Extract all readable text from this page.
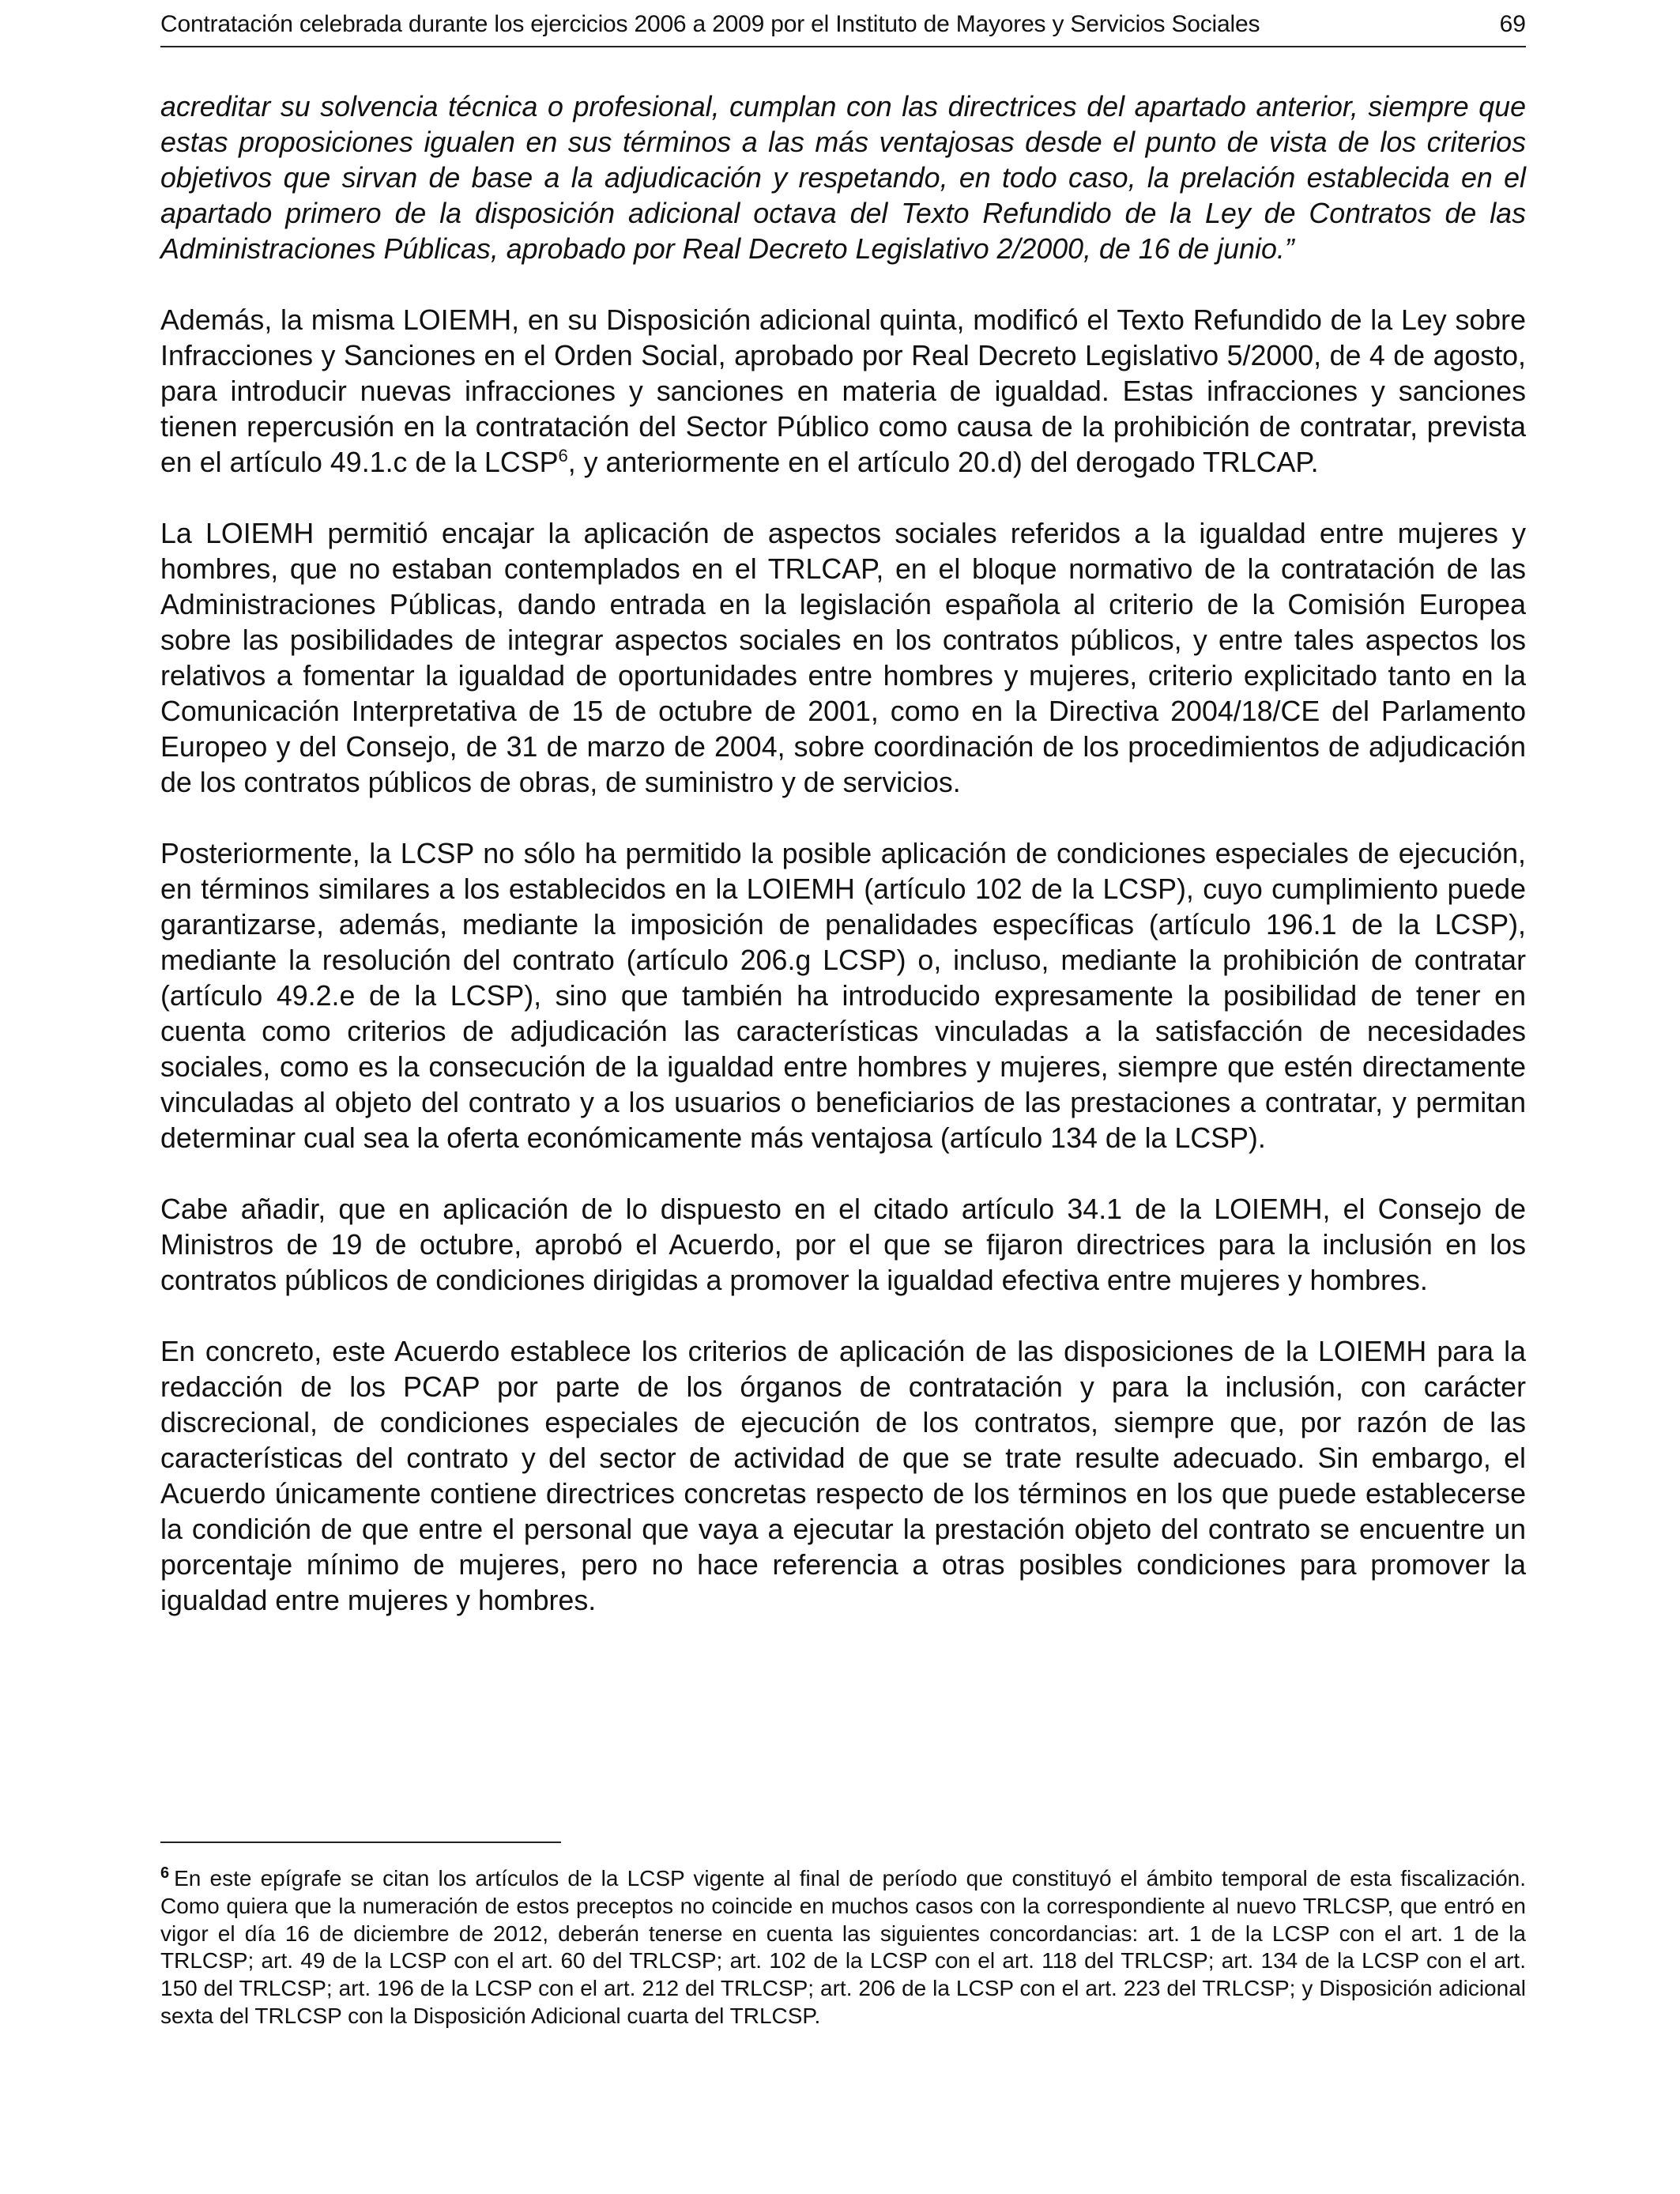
Contratación celebrada durante los ejercicios 2006 a 2009 por el Instituto de Mayores y Servicios Sociales	69

acreditar su solvencia técnica o profesional, cumplan con las directrices del apartado anterior, siempre que estas proposiciones igualen en sus términos a las más ventajosas desde el punto de vista de los criterios objetivos que sirvan de base a la adjudicación y respetando, en todo caso, la prelación establecida en el apartado primero de la disposición adicional octava del Texto Refundido de la Ley de Contratos de las Administraciones Públicas, aprobado por Real Decreto Legislativo 2/2000, de 16 de junio.”

Además, la misma LOIEMH, en su Disposición adicional quinta, modificó el Texto Refundido de la Ley sobre Infracciones y Sanciones en el Orden Social, aprobado por Real Decreto Legislativo 5/2000, de 4 de agosto, para introducir nuevas infracciones y sanciones en materia de igualdad. Estas infracciones y sanciones tienen repercusión en la contratación del Sector Público como causa de la prohibición de contratar, prevista en el artículo 49.1.c de la LCSP$^6$, y anteriormente en el artículo 20.d) del derogado TRLCAP.

La LOIEMH permitió encajar la aplicación de aspectos sociales referidos a la igualdad entre mujeres y hombres, que no estaban contemplados en el TRLCAP, en el bloque normativo de la contratación de las Administraciones Públicas, dando entrada en la legislación española al criterio de la Comisión Europea sobre las posibilidades de integrar aspectos sociales en los contratos públicos, y entre tales aspectos los relativos a fomentar la igualdad de oportunidades entre hombres y mujeres, criterio explicitado tanto en la Comunicación Interpretativa de 15 de octubre de 2001, como en la Directiva 2004/18/CE del Parlamento Europeo y del Consejo, de 31 de marzo de 2004, sobre coordinación de los procedimientos de adjudicación de los contratos públicos de obras, de suministro y de servicios.

Posteriormente, la LCSP no sólo ha permitido la posible aplicación de condiciones especiales de ejecución, en términos similares a los establecidos en la LOIEMH (artículo 102 de la LCSP), cuyo cumplimiento puede garantizarse, además, mediante la imposición de penalidades específicas (artículo 196.1 de la LCSP), mediante la resolución del contrato (artículo 206.g LCSP) o, incluso, mediante la prohibición de contratar (artículo 49.2.e de la LCSP), sino que también ha introducido expresamente la posibilidad de tener en cuenta como criterios de adjudicación las características vinculadas a la satisfacción de necesidades sociales, como es la consecución de la igualdad entre hombres y mujeres, siempre que estén directamente vinculadas al objeto del contrato y a los usuarios o beneficiarios de las prestaciones a contratar, y permitan determinar cual sea la oferta económicamente más ventajosa (artículo 134 de la LCSP).

Cabe añadir, que en aplicación de lo dispuesto en el citado artículo 34.1 de la LOIEMH, el Consejo de Ministros de 19 de octubre, aprobó el Acuerdo, por el que se fijaron directrices para la inclusión en los contratos públicos de condiciones dirigidas a promover la igualdad efectiva entre mujeres y hombres.

En concreto, este Acuerdo establece los criterios de aplicación de las disposiciones de la LOIEMH para la redacción de los PCAP por parte de los órganos de contratación y para la inclusión, con carácter discrecional, de condiciones especiales de ejecución de los contratos, siempre que, por razón de las características del contrato y del sector de actividad de que se trate resulte adecuado. Sin embargo, el Acuerdo únicamente contiene directrices concretas respecto de los términos en los que puede establecerse la condición de que entre el personal que vaya a ejecutar la prestación objeto del contrato se encuentre un porcentaje mínimo de mujeres, pero no hace referencia a otras posibles condiciones para promover la igualdad entre mujeres y hombres.

$^6$ En este epígrafe se citan los artículos de la LCSP vigente al final de período que constituyó el ámbito temporal de esta fiscalización. Como quiera que la numeración de estos preceptos no coincide en muchos casos con la correspondiente al nuevo TRLCSP, que entró en vigor el día 16 de diciembre de 2012, deberán tenerse en cuenta las siguientes concordancias: art. 1 de la LCSP con el art. 1 de la TRLCSP; art. 49 de la LCSP con el art. 60 del TRLCSP; art. 102 de la LCSP con el art. 118 del TRLCSP; art. 134 de la LCSP con el art. 150 del TRLCSP; art. 196 de la LCSP con el art. 212 del TRLCSP; art. 206 de la LCSP con el art. 223 del TRLCSP; y Disposición adicional sexta del TRLCSP con la Disposición Adicional cuarta del TRLCSP.
